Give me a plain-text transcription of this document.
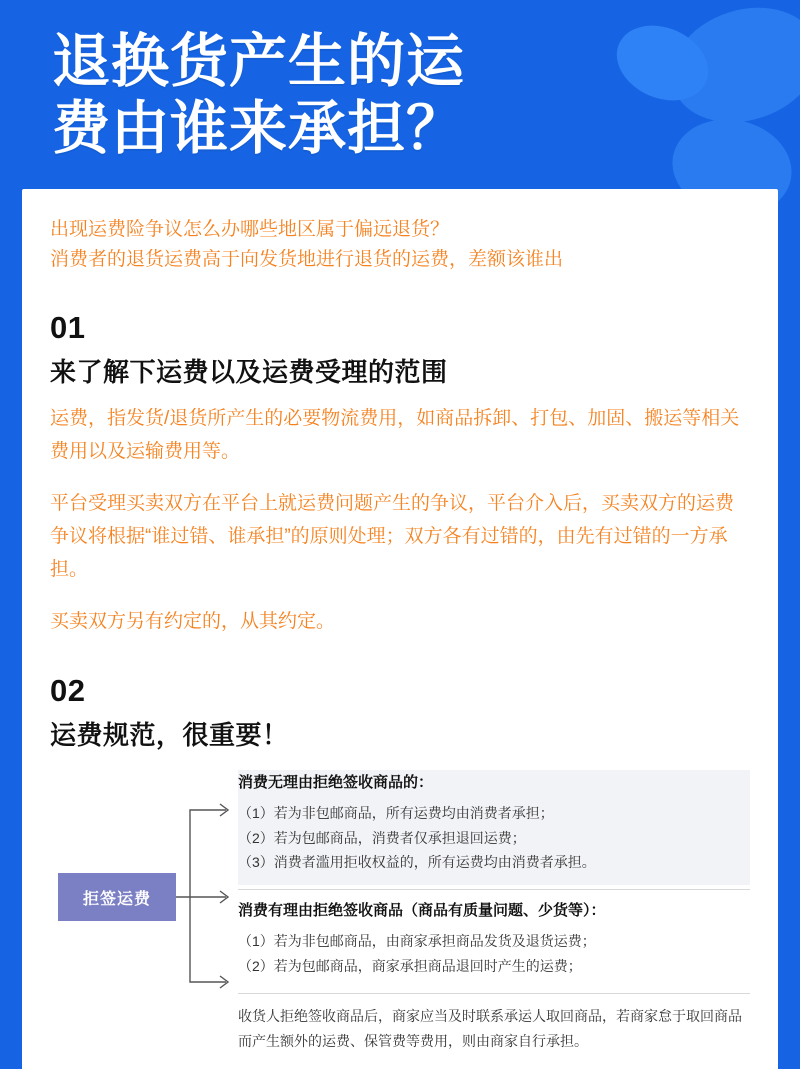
退换货产生的运
费由谁来承担？

出现运费险争议怎么办哪些地区属于偏远退货？
消费者的退货运费高于向发货地进行退货的运费，差额该谁出

01
来了解下运费以及运费受理的范围

运费，指发货/退货所产生的必要物流费用，如商品拆卸、打包、加固、搬运等相关费用以及运输费用等。

平台受理买卖双方在平台上就运费问题产生的争议，平台介入后，买卖双方的运费争议将根据“谁过错、谁承担”的原则处理；双方各有过错的，由先有过错的一方承担。

买卖双方另有约定的，从其约定。

02
运费规范，很重要！
拒签运费
消费无理由拒绝签收商品的：
（1）若为非包邮商品，所有运费均由消费者承担；
（2）若为包邮商品，消费者仅承担退回运费；
（3）消费者滥用拒收权益的，所有运费均由消费者承担。
消费有理由拒绝签收商品（商品有质量问题、少货等）：
（1）若为非包邮商品，由商家承担商品发货及退货运费；
（2）若为包邮商品，商家承担商品退回时产生的运费；
收货人拒绝签收商品后，商家应当及时联系承运人取回商品，若商家怠于取回商品而产生额外的运费、保管费等费用，则由商家自行承担。
